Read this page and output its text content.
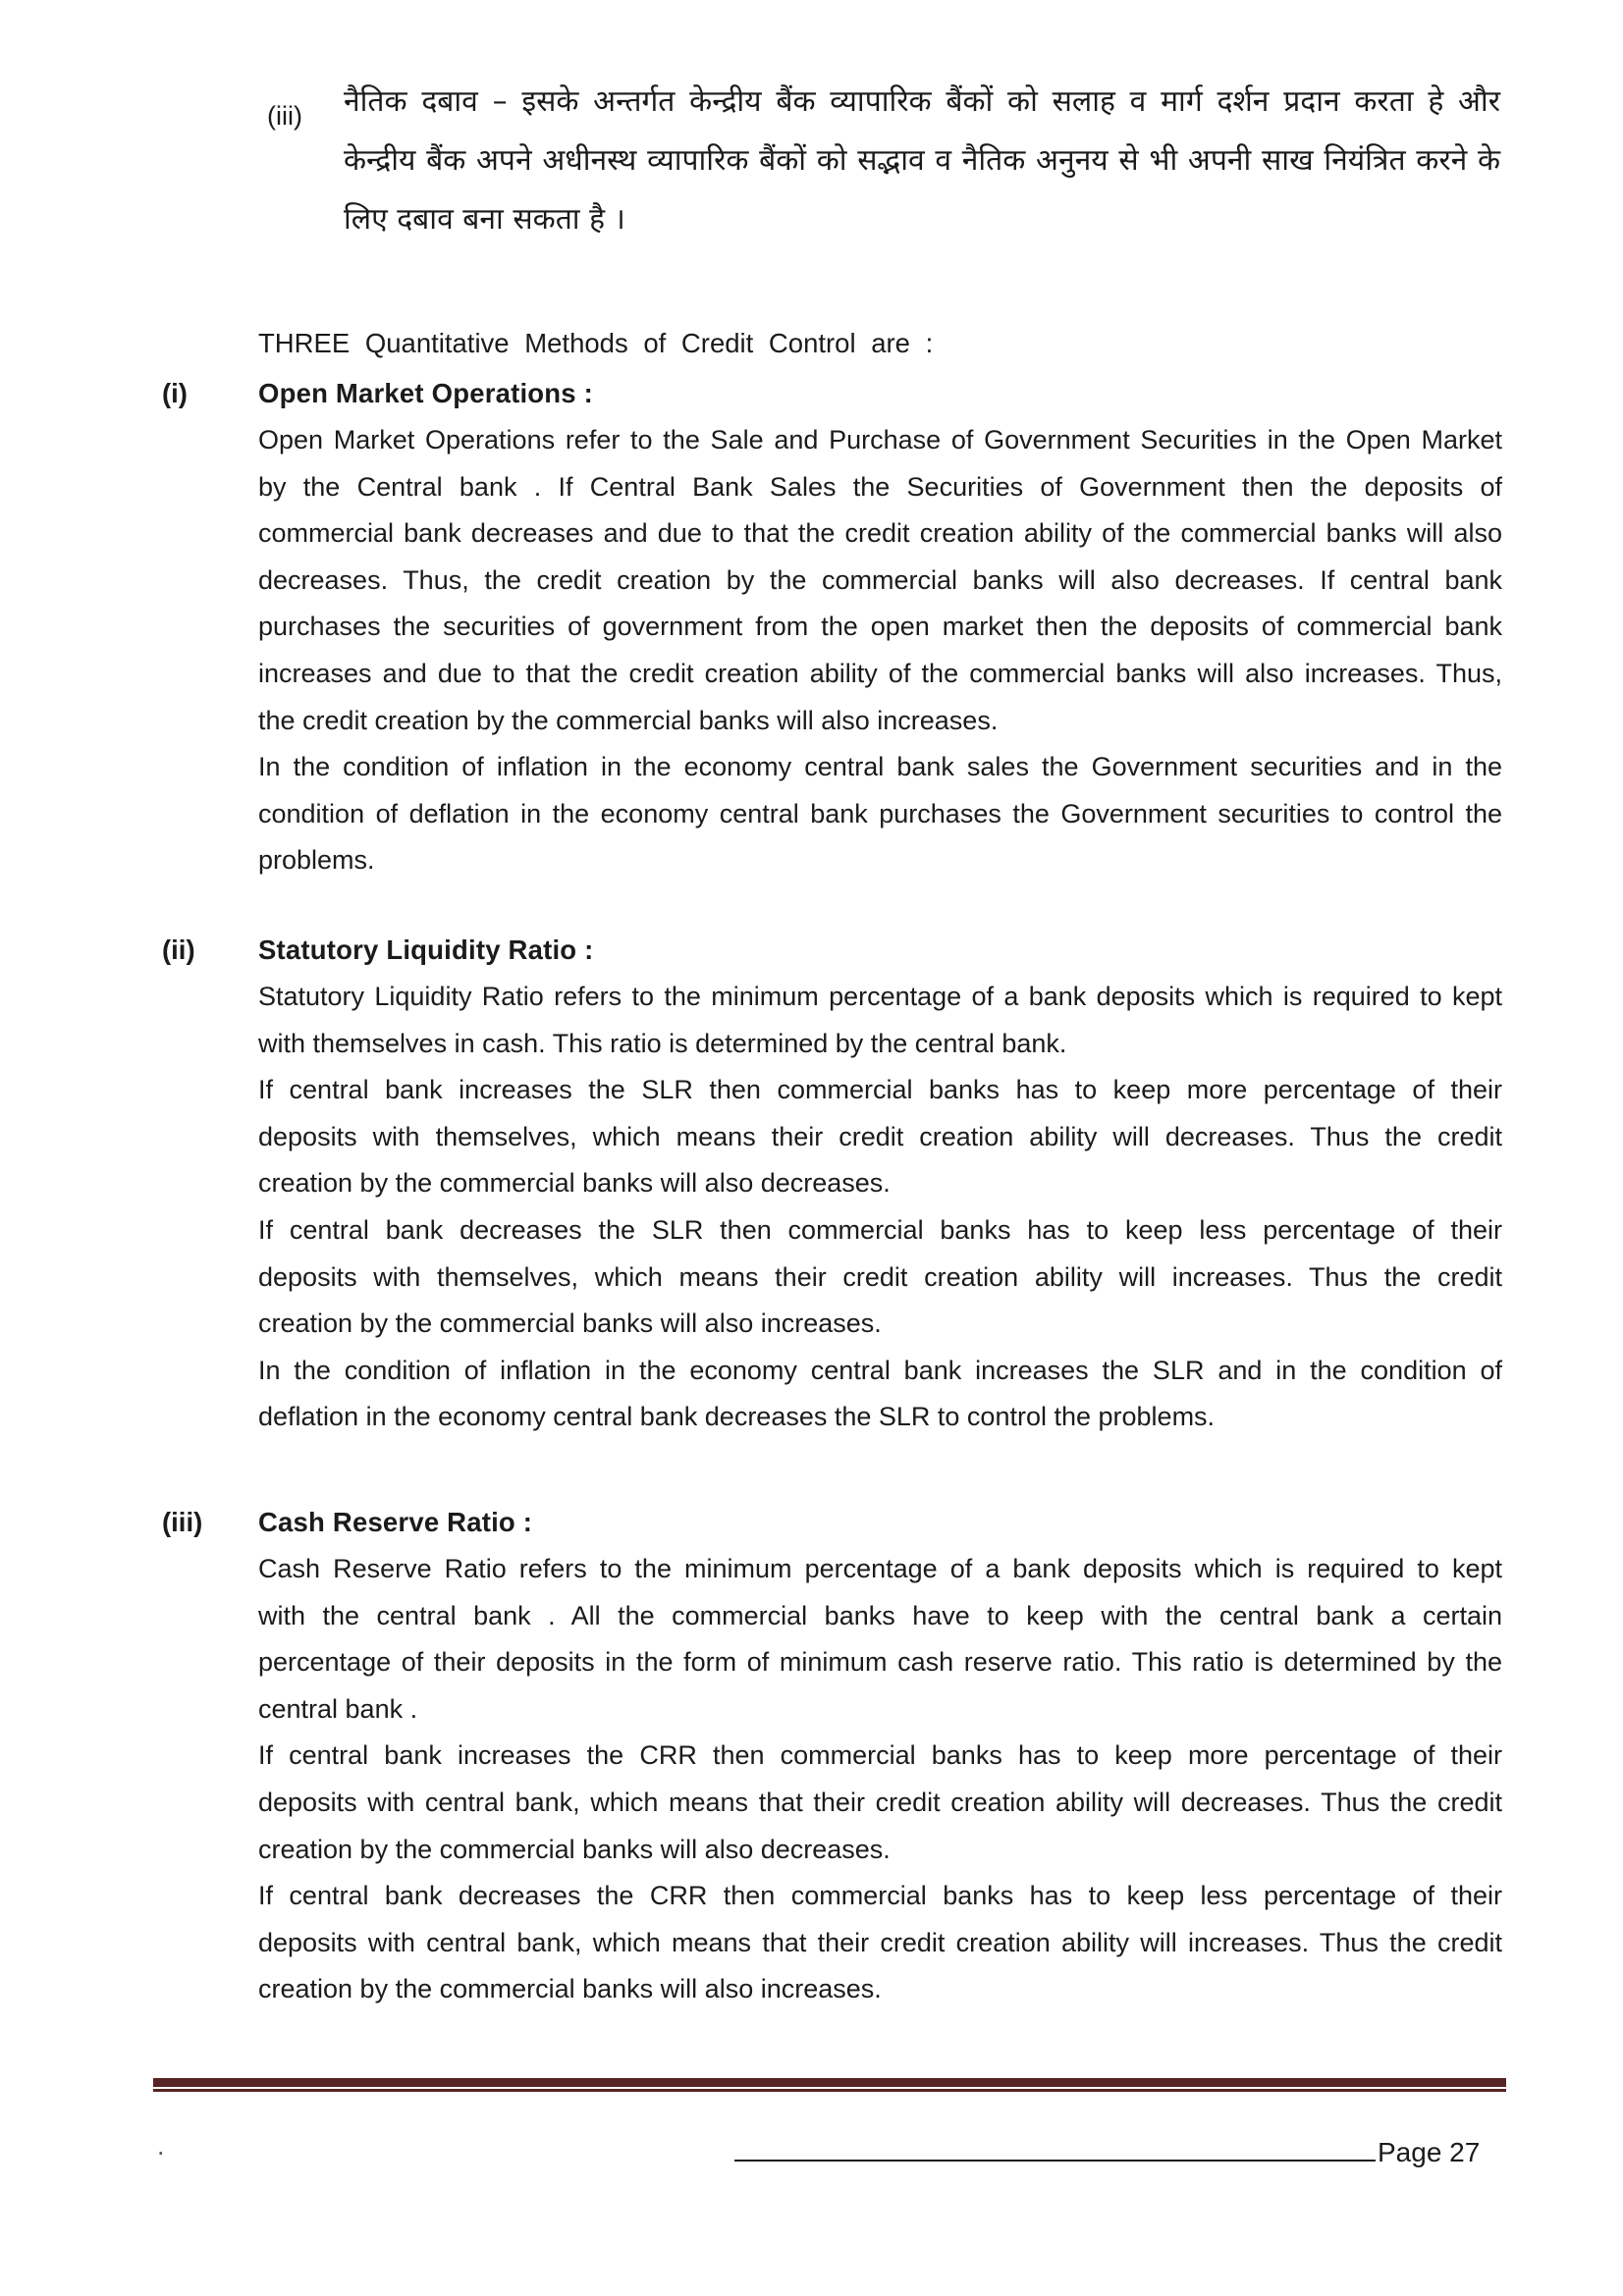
(iii) नैतिक दबाव – इसके अन्तर्गत केन्द्रीय बैंक व्यापारिक बैंकों को सलाह व मार्ग दर्शन प्रदान करता हे और
केन्द्रीय बैंक अपने अधीनस्थ व्यापारिक बैंकों को सद्भाव व नैतिक अनुनय से भी अपनी साख नियंत्रित करने के
लिए दबाव बना सकता है ।
THREE Quantitative Methods of Credit Control are :
(i)	Open Market Operations :
Open Market Operations refer to the Sale and Purchase of Government Securities in the Open Market
by the Central bank . If Central Bank Sales the Securities of Government then the deposits of
commercial bank decreases and due to that the credit creation ability of the commercial banks will also
decreases. Thus, the credit creation by the commercial banks will also decreases. If central bank
purchases the securities of government from the open market then the deposits of commercial bank
increases and due to that the credit creation ability of the commercial banks will also increases. Thus,
the credit creation by the commercial banks will also increases.
In the condition of inflation in the economy central bank sales the Government securities and in the
condition of deflation in the economy central bank purchases the Government securities to control the
problems.
(ii) Statutory Liquidity Ratio :
Statutory Liquidity Ratio refers to the minimum percentage of a bank deposits which is required to kept
with themselves in cash. This ratio is determined by the central bank.
If central bank increases the SLR then commercial banks has to keep more percentage of their
deposits with themselves, which means their credit creation ability will decreases. Thus the credit
creation by the commercial banks will also decreases.
If central bank decreases the SLR then commercial banks has to keep less percentage of their
deposits with themselves, which means their credit creation ability will increases. Thus the credit
creation by the commercial banks will also increases.
In the condition of inflation in the economy central bank increases the SLR and in the condition of
deflation in the economy central bank decreases the SLR to control the problems.
(iii) Cash Reserve Ratio :
Cash Reserve Ratio refers to the minimum percentage of a bank deposits which is required to kept
with the central bank . All the commercial banks have to keep with the central bank a certain
percentage of their deposits in the form of minimum cash reserve ratio. This ratio is determined by the
central bank .
If central bank increases the CRR then commercial banks has to keep more percentage of their
deposits with central bank, which means that their credit creation ability will decreases. Thus the credit
creation by the commercial banks will also decreases.
If central bank decreases the CRR then commercial banks has to keep less percentage of their
deposits with central bank, which means that their credit creation ability will increases. Thus the credit
creation by the commercial banks will also increases.
.	Page 27
